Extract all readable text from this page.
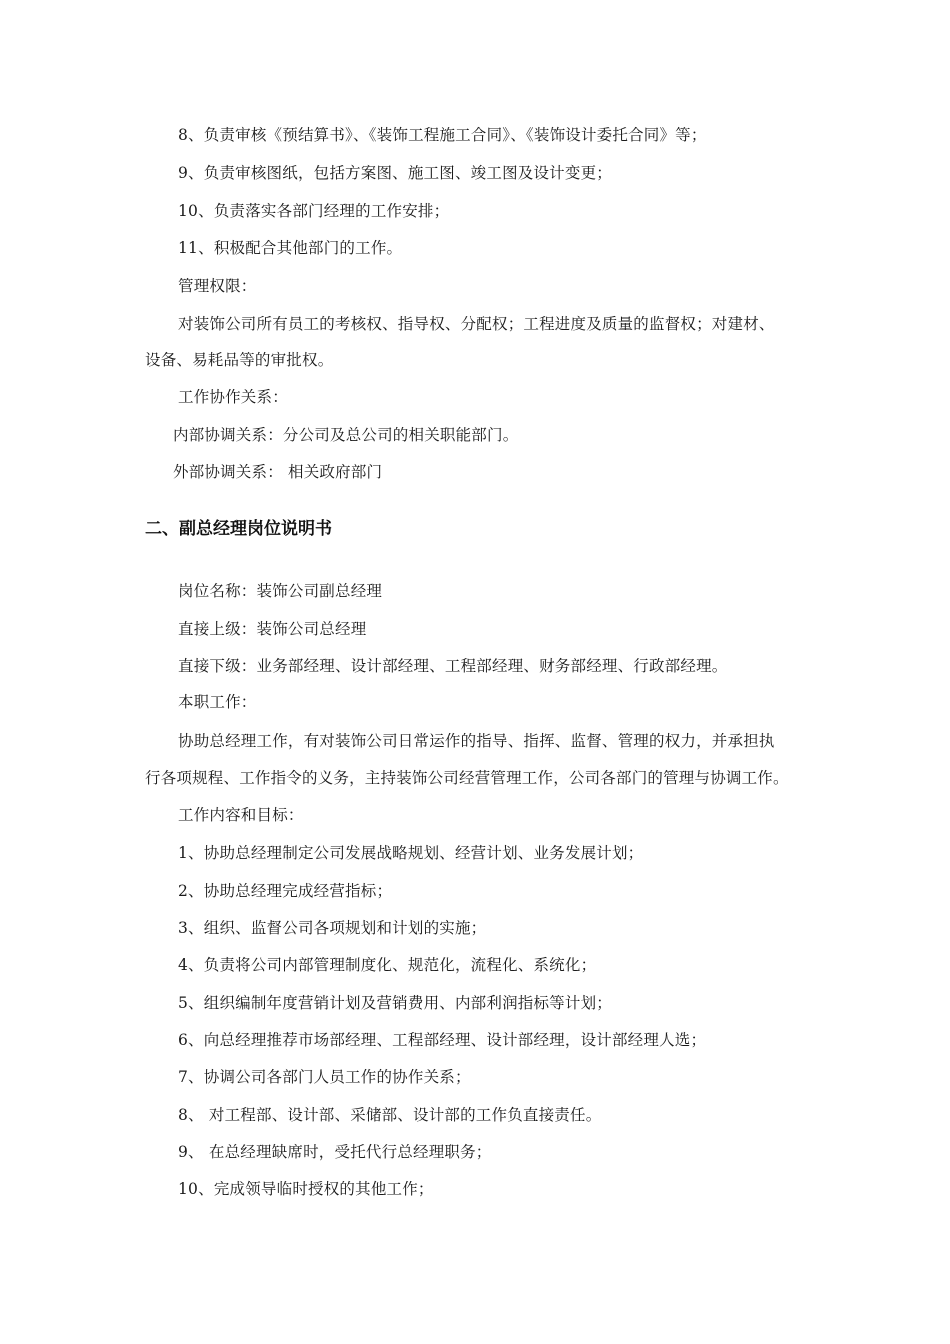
8、负责审核《预结算书》、《装饰工程施工合同》、《装饰设计委托合同》等；
9、负责审核图纸，包括方案图、施工图、竣工图及设计变更；
10、负责落实各部门经理的工作安排；
11、积极配合其他部门的工作。
管理权限：
对装饰公司所有员工的考核权、指导权、分配权；工程进度及质量的监督权；对建材、
设备、易耗品等的审批权。
工作协作关系：
内部协调关系：分公司及总公司的相关职能部门。
外部协调关系： 相关政府部门
二、副总经理岗位说明书
岗位名称：装饰公司副总经理
直接上级：装饰公司总经理
直接下级：业务部经理、设计部经理、工程部经理、财务部经理、行政部经理。
本职工作：
协助总经理工作，有对装饰公司日常运作的指导、指挥、监督、管理的权力，并承担执
行各项规程、工作指令的义务，主持装饰公司经营管理工作，公司各部门的管理与协调工作。
工作内容和目标：
1、协助总经理制定公司发展战略规划、经营计划、业务发展计划；
2、协助总经理完成经营指标；
3、组织、监督公司各项规划和计划的实施；
4、负责将公司内部管理制度化、规范化，流程化、系统化；
5、组织编制年度营销计划及营销费用、内部利润指标等计划；
6、向总经理推荐市场部经理、工程部经理、设计部经理，设计部经理人选；
7、协调公司各部门人员工作的协作关系；
8、 对工程部、设计部、采储部、设计部的工作负直接责任。
9、 在总经理缺席时，受托代行总经理职务；
10、完成领导临时授权的其他工作；
